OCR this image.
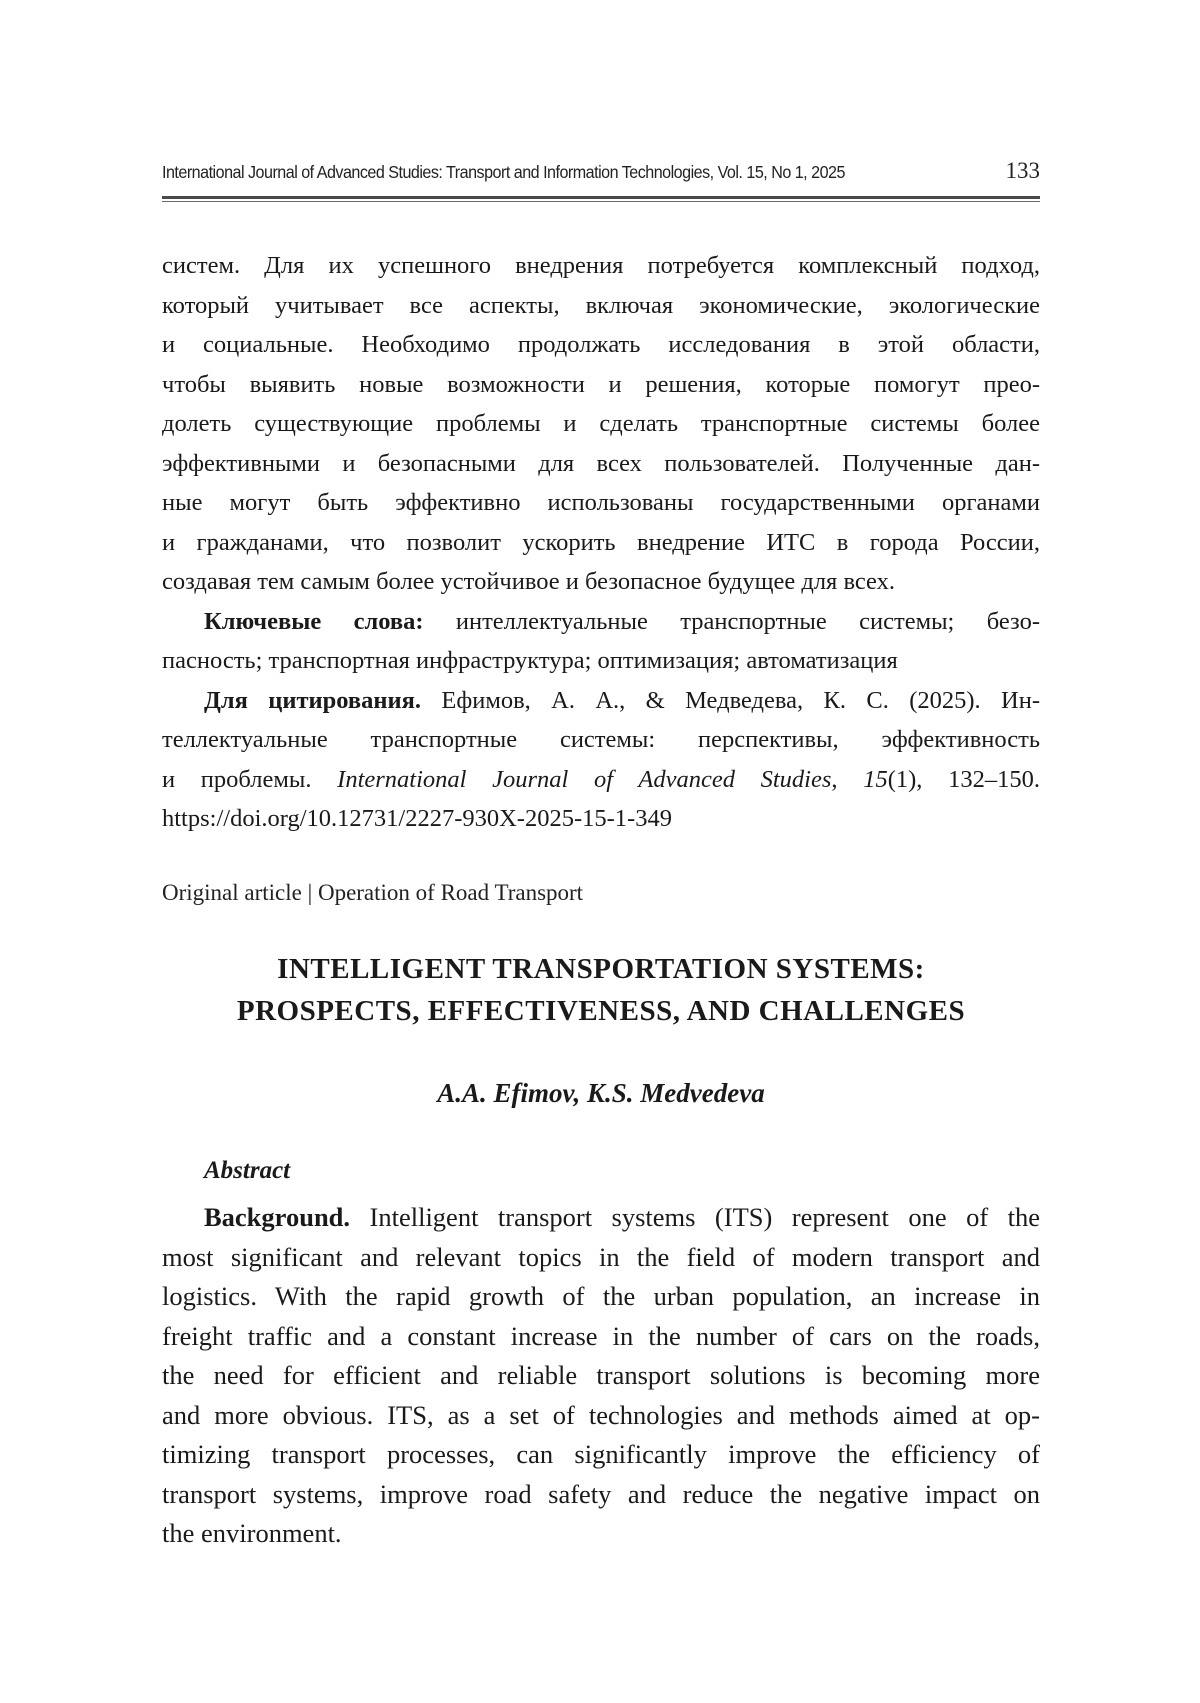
International Journal of Advanced Studies: Transport and Information Technologies, Vol. 15, No 1, 2025	133
систем. Для их успешного внедрения потребуется комплексный подход,
который учитывает все аспекты, включая экономические, экологические
и социальные. Необходимо продолжать исследования в этой области,
чтобы выявить новые возможности и решения, которые помогут прео-
долеть существующие проблемы и сделать транспортные системы более
эффективными и безопасными для всех пользователей. Полученные дан-
ные могут быть эффективно использованы государственными органами
и гражданами, что позволит ускорить внедрение ИТС в города России,
создавая тем самым более устойчивое и безопасное будущее для всех.
Ключевые слова: интеллектуальные транспортные системы; безо-
пасность; транспортная инфраструктура; оптимизация; автоматизация
Для цитирования. Ефимов, А. А., & Медведева, К. С. (2025). Ин-
теллектуальные транспортные системы: перспективы, эффективность
и проблемы. International Journal of Advanced Studies, 15(1), 132–150.
https://doi.org/10.12731/2227-930X-2025-15-1-349
Original article | Operation of Road Transport
INTELLIGENT TRANSPORTATION SYSTEMS:
PROSPECTS, EFFECTIVENESS, AND CHALLENGES
A.A. Efimov, K.S. Medvedeva
Abstract
Background. Intelligent transport systems (ITS) represent one of the
most significant and relevant topics in the field of modern transport and
logistics. With the rapid growth of the urban population, an increase in
freight traffic and a constant increase in the number of cars on the roads,
the need for efficient and reliable transport solutions is becoming more
and more obvious. ITS, as a set of technologies and methods aimed at op-
timizing transport processes, can significantly improve the efficiency of
transport systems, improve road safety and reduce the negative impact on
the environment.
